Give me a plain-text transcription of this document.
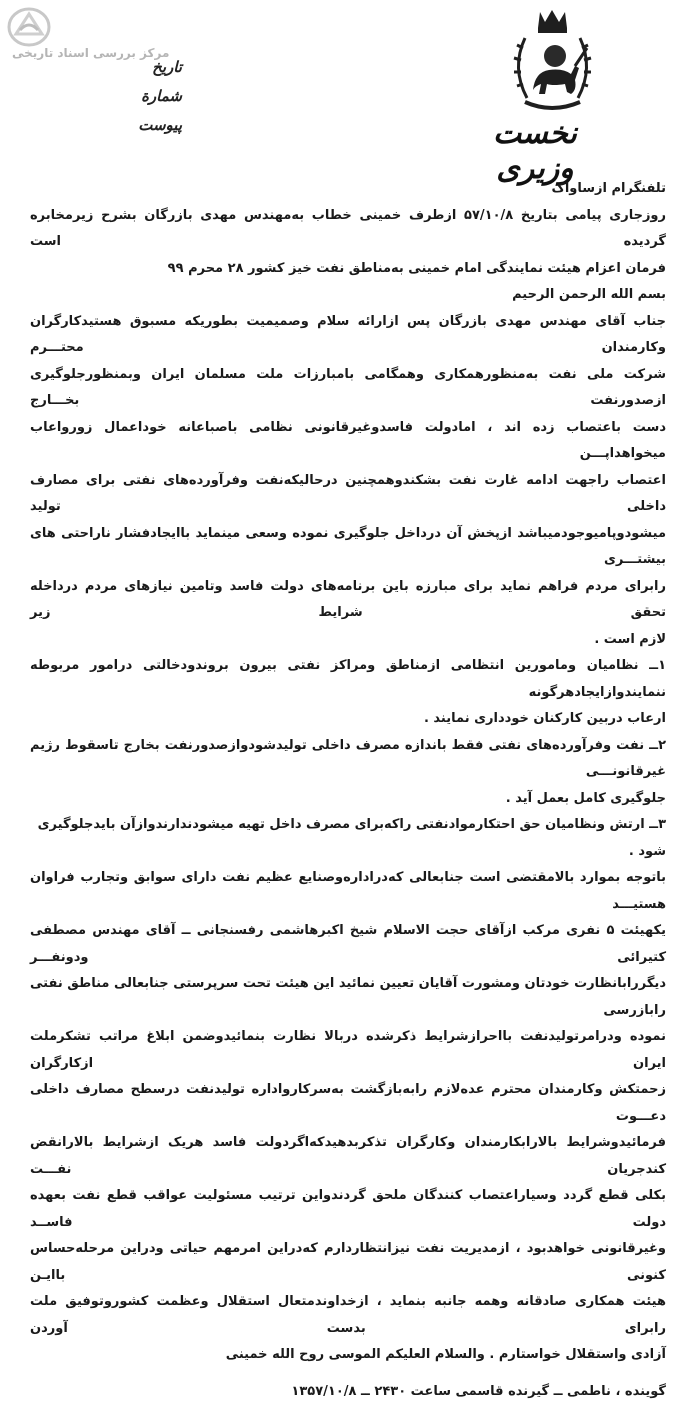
مرکز بررسی اسناد تاریخی
تاريخ
شمارة
پيوست	نخست وزیری

تلفنگرام ازساواک

روزجاری پیامی بتاریخ ۵۷/۱۰/۸ ازطرف خمینی خطاب بەمهندس مهدی بازرگان بشرح زیرمخابره گردیده است

فرمان اعزام هیئت نمایندگی امام خمینی بەمناطق نفت خیز کشور ۲۸ محرم ۹۹

بسم الله الرحمن الرحیم

جناب آقای مهندس مهدی بازرگان پس ازارائه سلام وصمیمیت بطوریکه مسبوق هستیدکارگران وکارمندان محتـــرم

شرکت ملی نفت بەمنظورهمکاری وهمگامی بامبارزات ملت مسلمان ایران وبمنظورجلوگیری ازصدورنفت بخـــارج

دست باعتصاب زده اند ، امادولت فاسدوغیرقانونی نظامی باصباعانه خوداعمال زورواعاب میخواهداپـــن

اعتصاب راجهت ادامه غارت نفت بشکندوهمچنین درحالیکەنفت وفرآوردەهای نفتی برای مصارف داخلی تولید

میشودوپامیوجودمیباشد ازپخش آن درداخل جلوگیری نموده وسعی مینماید باایجادفشار ناراحتی های بیشتـــری

رابرای مردم فراهم نماید برای مبارزه باین برنامەهای دولت فاسد وتامین نیازهای مردم درداخله تحقق شرایط زیر

لازم است .

۱ــ نظامیان ومامورین انتظامی ازمناطق ومراکز نفتی بیرون بروندودخالتی درامور مربوطه ننمایندوازایجادهرگونه

ارعاب دربین کارکنان خودداری نمایند .

۲ــ نفت وفرآوردەهای نفتی فقط باندازه مصرف داخلی تولیدشودوازصدورنفت بخارج تاسقوط رژیم غیرقانونـــی

جلوگیری کامل بعمل آید .

۳ــ ارتش ونظامیان حق احتکارموادنفتی راکەبرای مصرف داخل تهیه میشودندارندوازآن بایدجلوگیری شود .

باتوجه بموارد بالامقتضی است جنابعالی کەدرادارەوصنایع عظیم نفت دارای سوابق وتجارب فراوان هستیـــد

یکهیئت ۵ نفری مرکب ازآقای حجت الاسلام شیخ اکبرهاشمی رفسنجانی ــ آقای مهندس مصطفی کتیرائی ودونفـــر

دیگررابانظارت خودتان ومشورت آقایان تعیین نمائید این هیئت تحت سرپرستی جنابعالی مناطق نفتی رابازرسی

نموده ودرامرتولیدنفت بااحرازشرایط ذکرشده دربالا نظارت بنمائیدوضمن ابلاغ مراتب تشکرملت ایران ازکارگران

زحمتکش وکارمندان محترم عدەلازم رابەبازگشت بەسرکارواداره تولیدنفت درسطح مصارف داخلی دعـــوت

فرمائیدوشرایط بالارابکارمندان وکارگران تذکربدهیدکەاگردولت فاسد هریک ازشرایط بالارانقض کندجریان نفـــت

بکلی قطع گردد وسیاراعتصاب کنندگان ملحق گردندواین ترتیب مسئولیت عواقب قطع نفت بعهده دولت فاســد

وغیرقانونی خواهدبود ، ازمدیریت نفت نیزانتظاردارم کەدراین امرمهم حیاتی ودراین مرحلەحساس کنونی باایـن

هیئت همکاری صادقانه وهمه جانبه بنماید ، ازخداوندمتعال استقلال وعظمت کشوروتوفیق ملت رابرای بدست آوردن

آزادی واستقلال خواستارم . والسلام العلیکم الموسی روح الله خمینی

گوینده ، ناطمی ــ گیرنده قاسمی ساعت ۲۴۳۰ ــ ۱۳۵۷/۱۰/۸
